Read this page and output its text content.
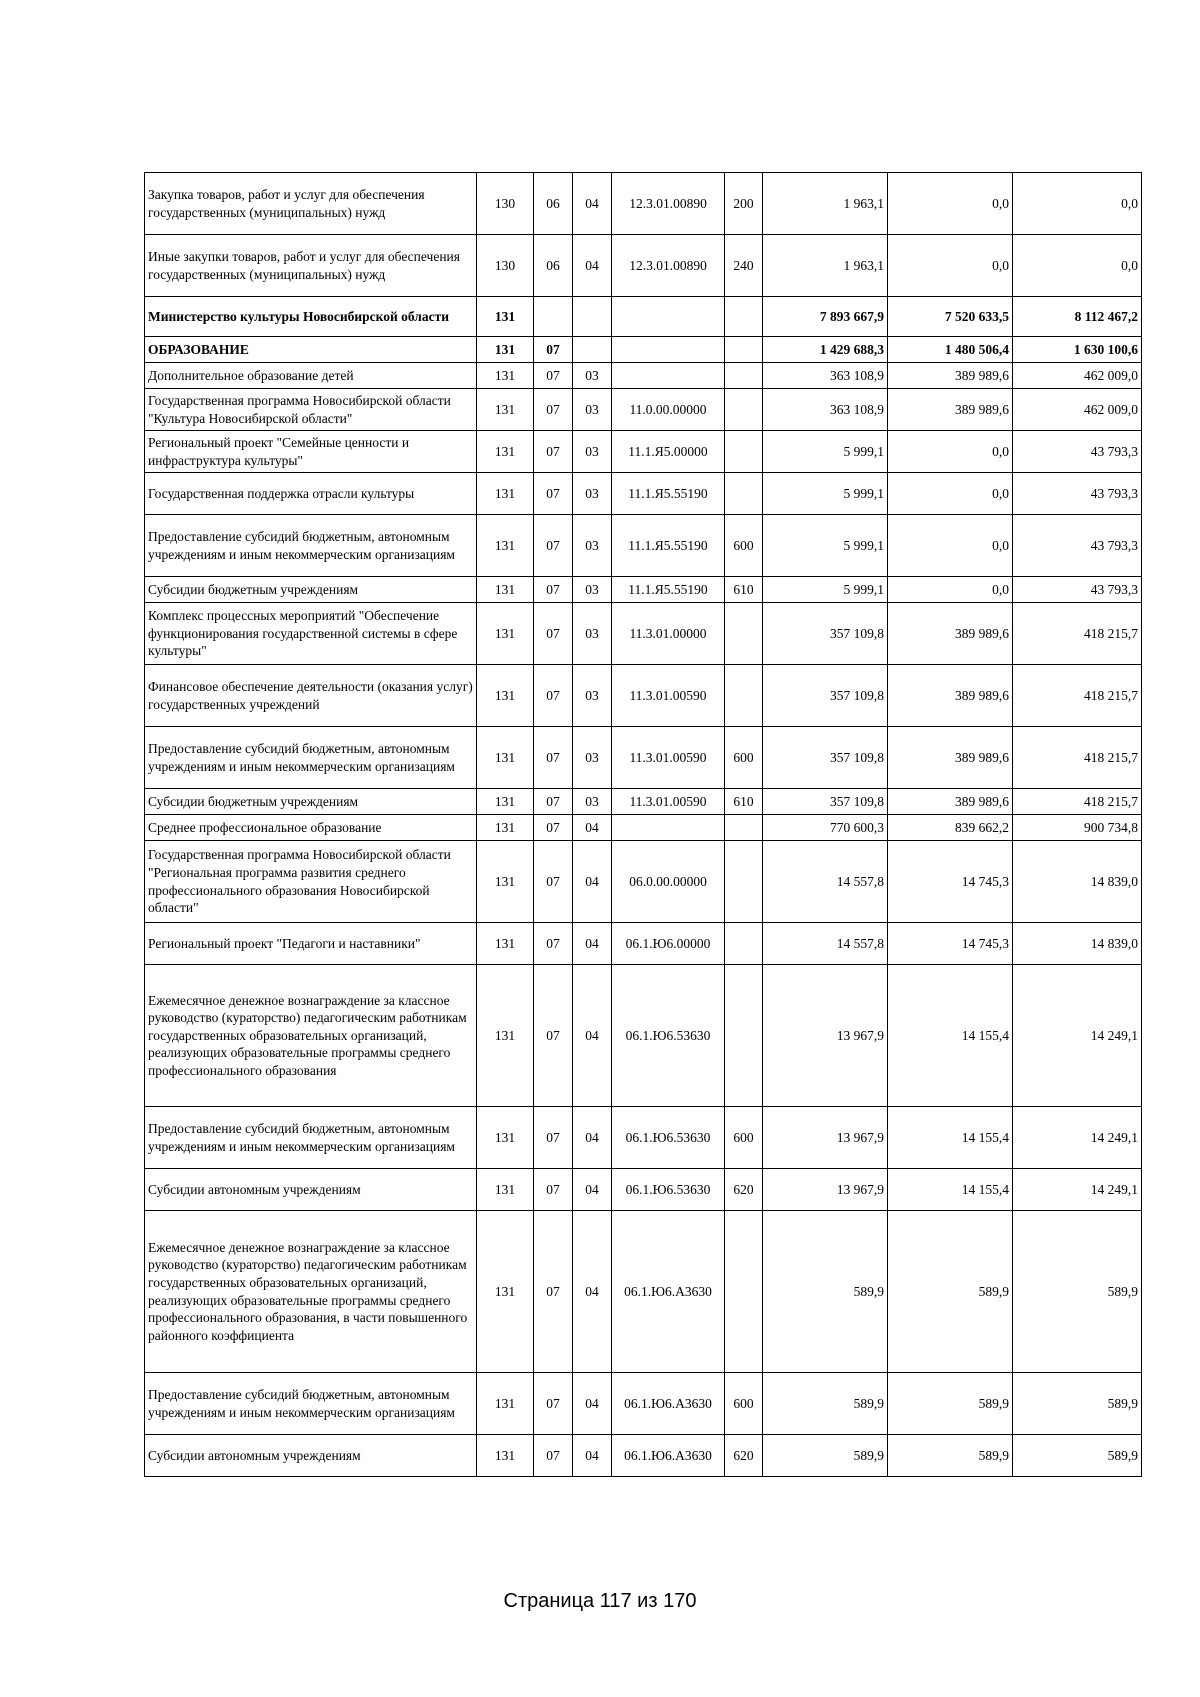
Закупка товаров, работ и услуг для обеспечения государственных (муниципальных) нужд	130	06	04	12.3.01.00890	200	1 963,1	0,0	0,0
Иные закупки товаров, работ и услуг для обеспечения государственных (муниципальных) нужд	130	06	04	12.3.01.00890	240	1 963,1	0,0	0,0
Министерство культуры Новосибирской области	131					7 893 667,9	7 520 633,5	8 112 467,2
ОБРАЗОВАНИЕ	131	07				1 429 688,3	1 480 506,4	1 630 100,6
Дополнительное образование детей	131	07	03			363 108,9	389 989,6	462 009,0
Государственная программа Новосибирской области "Культура Новосибирской области"	131	07	03	11.0.00.00000		363 108,9	389 989,6	462 009,0
Региональный проект "Семейные ценности и инфраструктура культуры"	131	07	03	11.1.Я5.00000		5 999,1	0,0	43 793,3
Государственная поддержка отрасли культуры	131	07	03	11.1.Я5.55190		5 999,1	0,0	43 793,3
Предоставление субсидий бюджетным, автономным учреждениям и иным некоммерческим организациям	131	07	03	11.1.Я5.55190	600	5 999,1	0,0	43 793,3
Субсидии бюджетным учреждениям	131	07	03	11.1.Я5.55190	610	5 999,1	0,0	43 793,3
Комплекс процессных мероприятий "Обеспечение функционирования государственной системы в сфере культуры"	131	07	03	11.3.01.00000		357 109,8	389 989,6	418 215,7
Финансовое обеспечение деятельности (оказания услуг) государственных учреждений	131	07	03	11.3.01.00590		357 109,8	389 989,6	418 215,7
Предоставление субсидий бюджетным, автономным учреждениям и иным некоммерческим организациям	131	07	03	11.3.01.00590	600	357 109,8	389 989,6	418 215,7
Субсидии бюджетным учреждениям	131	07	03	11.3.01.00590	610	357 109,8	389 989,6	418 215,7
Среднее профессиональное образование	131	07	04			770 600,3	839 662,2	900 734,8
Государственная программа Новосибирской области "Региональная программа развития среднего профессионального образования Новосибирской области"	131	07	04	06.0.00.00000		14 557,8	14 745,3	14 839,0
Региональный проект "Педагоги и наставники"	131	07	04	06.1.Ю6.00000		14 557,8	14 745,3	14 839,0
Ежемесячное денежное вознаграждение за классное руководство (кураторство) педагогическим работникам государственных образовательных организаций, реализующих образовательные программы среднего профессионального образования	131	07	04	06.1.Ю6.53630		13 967,9	14 155,4	14 249,1
Предоставление субсидий бюджетным, автономным учреждениям и иным некоммерческим организациям	131	07	04	06.1.Ю6.53630	600	13 967,9	14 155,4	14 249,1
Субсидии автономным учреждениям	131	07	04	06.1.Ю6.53630	620	13 967,9	14 155,4	14 249,1
Ежемесячное денежное вознаграждение за классное руководство (кураторство) педагогическим работникам государственных образовательных организаций, реализующих образовательные программы среднего профессионального образования, в части повышенного районного коэффициента	131	07	04	06.1.Ю6.А3630		589,9	589,9	589,9
Предоставление субсидий бюджетным, автономным учреждениям и иным некоммерческим организациям	131	07	04	06.1.Ю6.А3630	600	589,9	589,9	589,9
Субсидии автономным учреждениям	131	07	04	06.1.Ю6.А3630	620	589,9	589,9	589,9
Страница 117 из 170
